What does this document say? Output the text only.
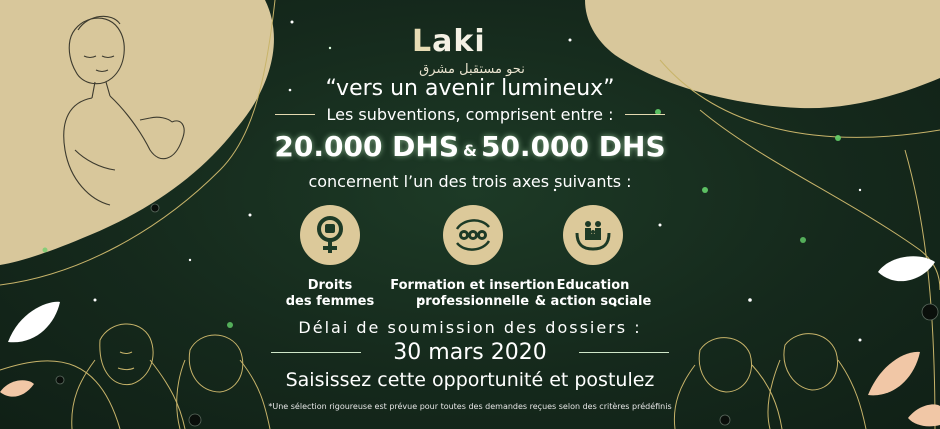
Laki
نحو مستقبل مشرق
“vers un avenir lumineux”
Les subventions, comprisent entre :
20.000 DHS & 50.000 DHS
concernent l’un des trois axes suivants :
Droits
des femmes
Formation et insertion
professionnelle
Education
& action sociale
Délai de soumission des dossiers :
30 mars 2020
Saisissez cette opportunité et postulez
*Une sélection rigoureuse est prévue pour toutes des demandes reçues selon des critères prédéfinis
